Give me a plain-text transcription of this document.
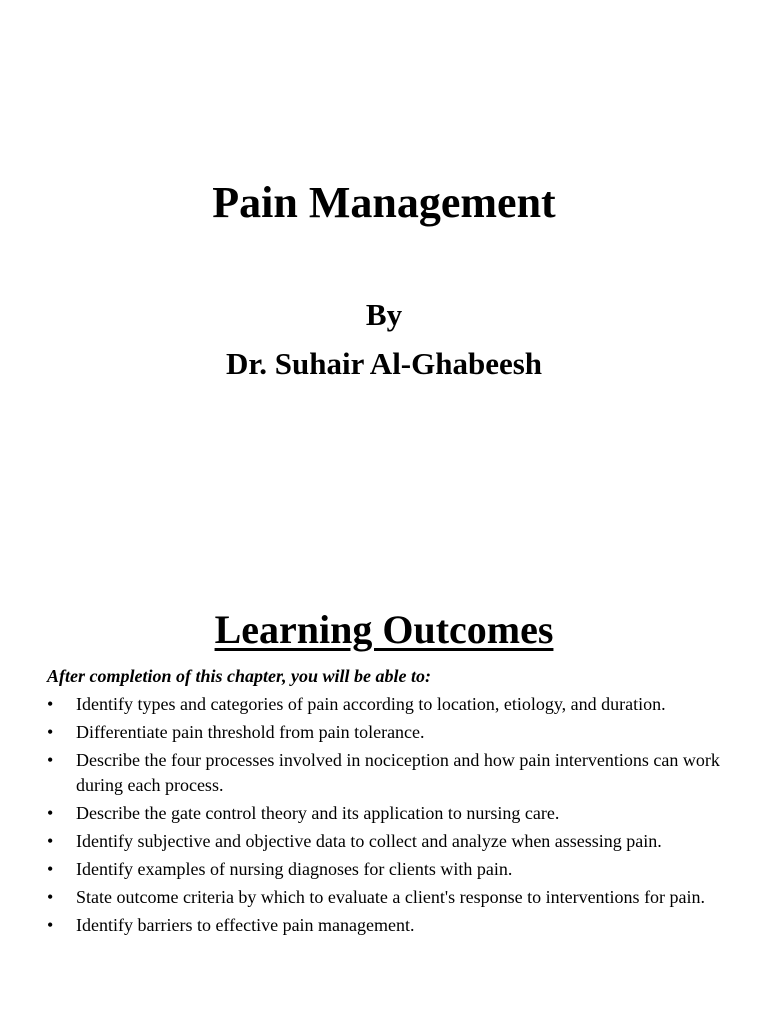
Pain Management
By
Dr. Suhair Al-Ghabeesh
Learning Outcomes
After completion of this chapter, you will be able to:
•	Identify types and categories of pain according to location, etiology, and duration.
•	Differentiate pain threshold from pain tolerance.
•	Describe the four processes involved in nociception and how pain interventions can work during each process.
•	Describe the gate control theory and its application to nursing care.
•	Identify subjective and objective data to collect and analyze when assessing pain.
•	Identify examples of nursing diagnoses for clients with pain.
•	State outcome criteria by which to evaluate a client's response to interventions for pain.
•	Identify barriers to effective pain management.
